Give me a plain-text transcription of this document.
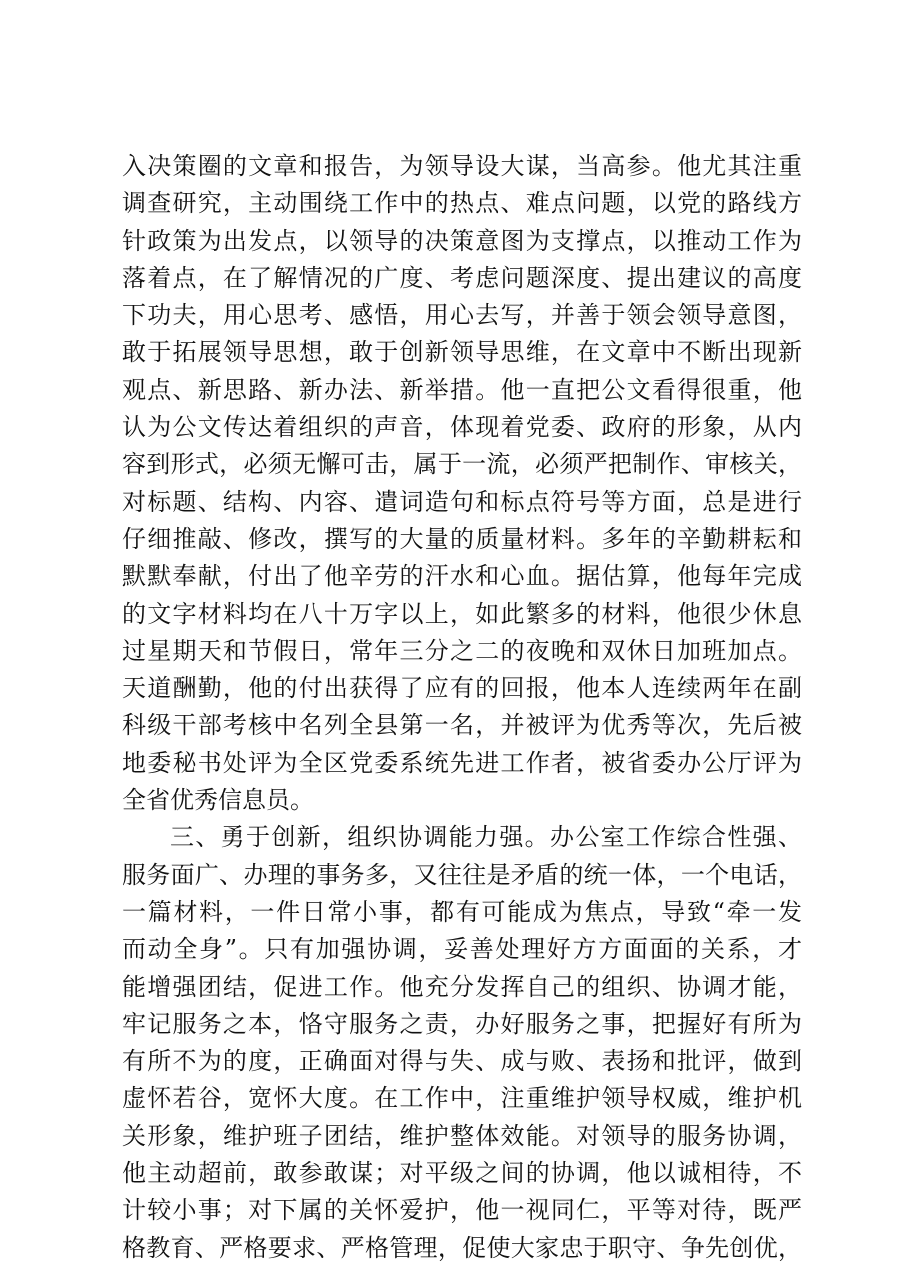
入决策圈的文章和报告，为领导设大谋，当高参。他尤其注重
调查研究，主动围绕工作中的热点、难点问题，以党的路线方
针政策为出发点，以领导的决策意图为支撑点，以推动工作为
落着点，在了解情况的广度、考虑问题深度、提出建议的高度
下功夫，用心思考、感悟，用心去写，并善于领会领导意图，
敢于拓展领导思想，敢于创新领导思维，在文章中不断出现新
观点、新思路、新办法、新举措。他一直把公文看得很重，他
认为公文传达着组织的声音，体现着党委、政府的形象，从内
容到形式，必须无懈可击，属于一流，必须严把制作、审核关，
对标题、结构、内容、遣词造句和标点符号等方面，总是进行
仔细推敲、修改，撰写的大量的质量材料。多年的辛勤耕耘和
默默奉献，付出了他辛劳的汗水和心血。据估算，他每年完成
的文字材料均在八十万字以上，如此繁多的材料，他很少休息
过星期天和节假日，常年三分之二的夜晚和双休日加班加点。
天道酬勤，他的付出获得了应有的回报，他本人连续两年在副
科级干部考核中名列全县第一名，并被评为优秀等次，先后被
地委秘书处评为全区党委系统先进工作者，被省委办公厅评为
全省优秀信息员。
三、勇于创新，组织协调能力强。办公室工作综合性强、
服务面广、办理的事务多，又往往是矛盾的统一体，一个电话，
一篇材料，一件日常小事，都有可能成为焦点，导致“牵一发
而动全身”。只有加强协调，妥善处理好方方面面的关系，才
能增强团结，促进工作。他充分发挥自己的组织、协调才能，
牢记服务之本，恪守服务之责，办好服务之事，把握好有所为
有所不为的度，正确面对得与失、成与败、表扬和批评，做到
虚怀若谷，宽怀大度。在工作中，注重维护领导权威，维护机
关形象，维护班子团结，维护整体效能。对领导的服务协调，
他主动超前，敢参敢谋；对平级之间的协调，他以诚相待，不
计较小事；对下属的关怀爱护，他一视同仁，平等对待，既严
格教育、严格要求、严格管理，促使大家忠于职守、争先创优，
